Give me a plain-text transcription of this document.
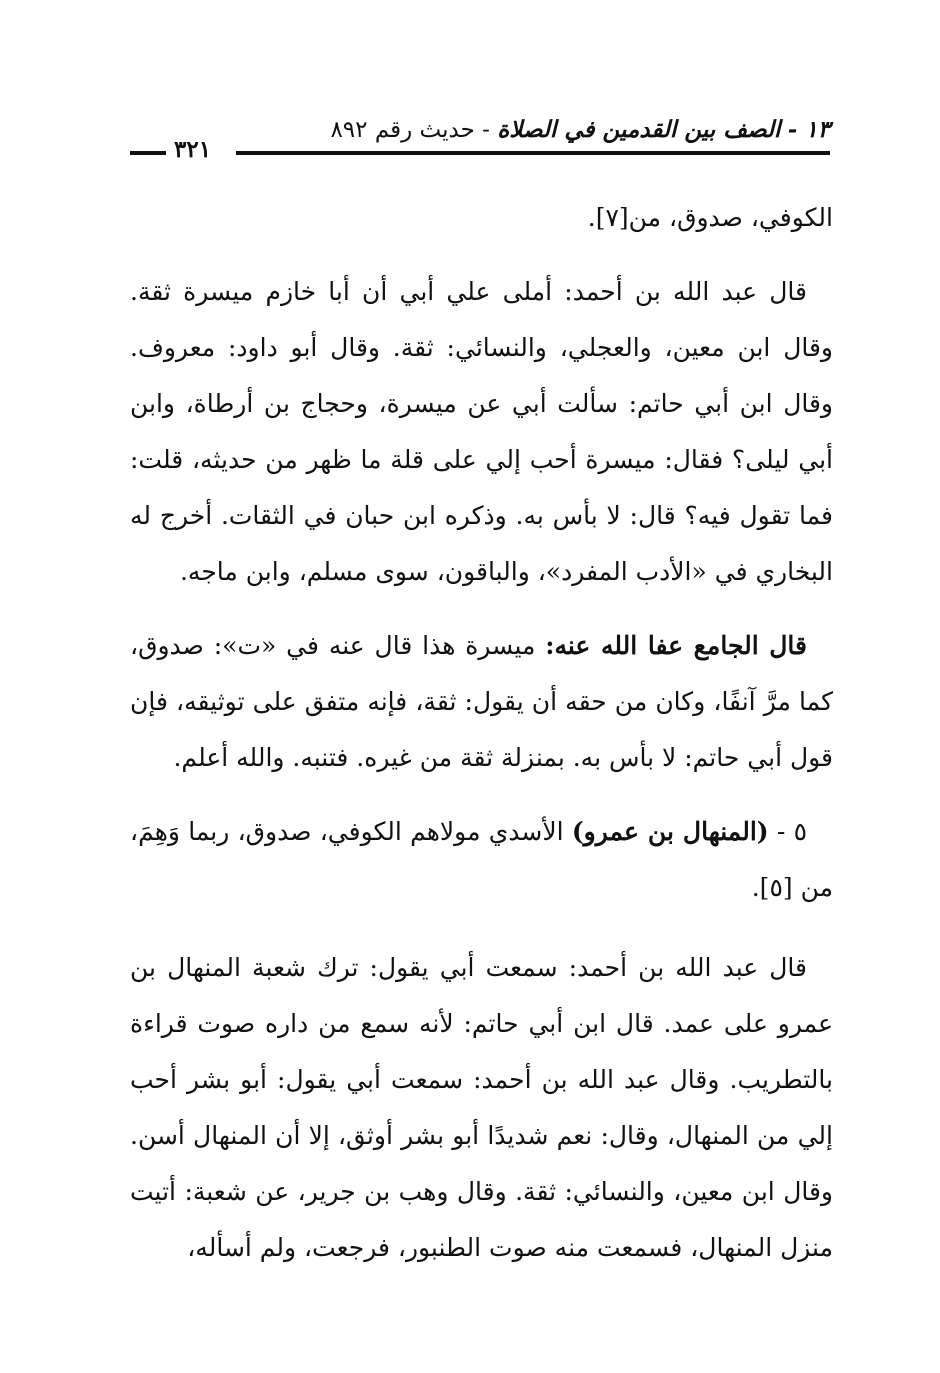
١٣ - الصف بين القدمين في الصلاة - حديث رقم ٨٩٢
٣٢١

الكوفي، صدوق، من[٧].

قال عبد الله بن أحمد: أملى علي أبي أن أبا خازم ميسرة ثقة. وقال ابن معين، والعجلي، والنسائي: ثقة. وقال أبو داود: معروف. وقال ابن أبي حاتم: سألت أبي عن ميسرة، وحجاج بن أرطاة، وابن أبي ليلى؟ فقال: ميسرة أحب إلي على قلة ما ظهر من حديثه، قلت: فما تقول فيه؟ قال: لا بأس به. وذكره ابن حبان في الثقات. أخرج له البخاري في «الأدب المفرد»، والباقون، سوى مسلم، وابن ماجه.

قال الجامع عفا الله عنه: ميسرة هذا قال عنه في «ت»: صدوق، كما مرَّ آنفًا، وكان من حقه أن يقول: ثقة، فإنه متفق على توثيقه، فإن قول أبي حاتم: لا بأس به. بمنزلة ثقة من غيره. فتنبه. والله أعلم.

٥ - (المنهال بن عمرو) الأسدي مولاهم الكوفي، صدوق، ربما وَهِمَ، من [٥].

قال عبد الله بن أحمد: سمعت أبي يقول: ترك شعبة المنهال بن عمرو على عمد. قال ابن أبي حاتم: لأنه سمع من داره صوت قراءة بالتطريب. وقال عبد الله بن أحمد: سمعت أبي يقول: أبو بشر أحب إلي من المنهال، وقال: نعم شديدًا أبو بشر أوثق، إلا أن المنهال أسن. وقال ابن معين، والنسائي: ثقة. وقال وهب بن جرير، عن شعبة: أتيت منزل المنهال، فسمعت منه صوت الطنبور، فرجعت، ولم أسأله،
